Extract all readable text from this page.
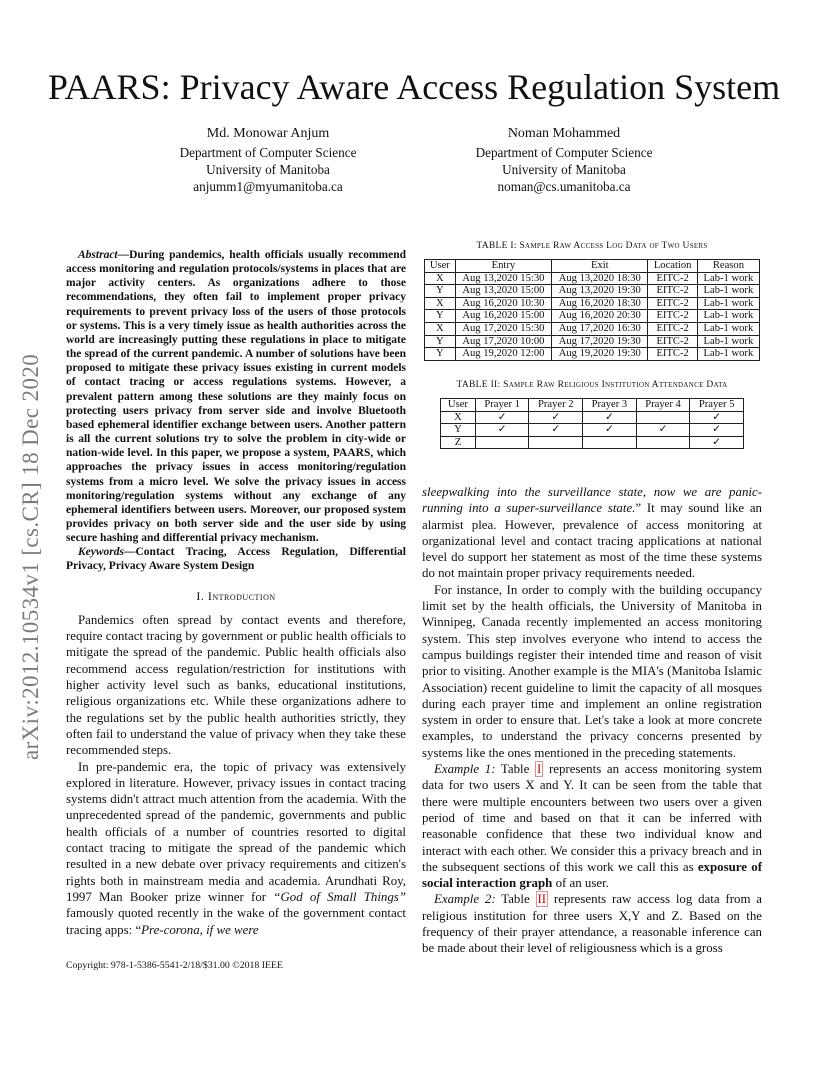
arXiv:2012.10534v1 [cs.CR] 18 Dec 2020
PAARS: Privacy Aware Access Regulation System
Md. Monowar Anjum
Department of Computer Science
University of Manitoba
anjumm1@myumanitoba.ca
Noman Mohammed
Department of Computer Science
University of Manitoba
noman@cs.umanitoba.ca

Abstract—During pandemics, health officials usually recommend access monitoring and regulation protocols/systems in places that are major activity centers. As organizations adhere to those recommendations, they often fail to implement proper privacy requirements to prevent privacy loss of the users of those protocols or systems. This is a very timely issue as health authorities across the world are increasingly putting these regulations in place to mitigate the spread of the current pandemic. A number of solutions have been proposed to mitigate these privacy issues existing in current models of contact tracing or access regulations systems. However, a prevalent pattern among these solutions are they mainly focus on protecting users privacy from server side and involve Bluetooth based ephemeral identifier exchange between users. Another pattern is all the current solutions try to solve the problem in city-wide or nation-wide level. In this paper, we propose a system, PAARS, which approaches the privacy issues in access monitoring/regulation systems from a micro level. We solve the privacy issues in access monitoring/regulation systems without any exchange of any ephemeral identifiers between users. Moreover, our proposed system provides privacy on both server side and the user side by using secure hashing and differential privacy mechanism.

Keywords—Contact Tracing, Access Regulation, Differential Privacy, Privacy Aware System Design

I. Introduction

Pandemics often spread by contact events and therefore, require contact tracing by government or public health officials to mitigate the spread of the pandemic. Public health officials also recommend access regulation/restriction for institutions with higher activity level such as banks, educational institutions, religious organizations etc. While these organizations adhere to the regulations set by the public health authorities strictly, they often fail to understand the value of privacy when they take these recommended steps.

In pre-pandemic era, the topic of privacy was extensively explored in literature. However, privacy issues in contact tracing systems didn't attract much attention from the academia. With the unprecedented spread of the pandemic, governments and public health officials of a number of countries resorted to digital contact tracing to mitigate the spread of the pandemic which resulted in a new debate over privacy requirements and citizen's rights both in mainstream media and academia. Arundhati Roy, 1997 Man Booker prize winner for “God of Small Things” famously quoted recently in the wake of the government contact tracing apps: “Pre-corona, if we were

TABLE I: Sample Raw Access Log Data of Two Users
User	Entry	Exit	Location	Reason
X	Aug 13,2020 15:30	Aug 13,2020 18:30	EITC-2	Lab-1 work
Y	Aug 13,2020 15:00	Aug 13,2020 19:30	EITC-2	Lab-1 work
X	Aug 16,2020 10:30	Aug 16,2020 18:30	EITC-2	Lab-1 work
Y	Aug 16,2020 15:00	Aug 16,2020 20:30	EITC-2	Lab-1 work
X	Aug 17,2020 15:30	Aug 17,2020 16:30	EITC-2	Lab-1 work
Y	Aug 17,2020 10:00	Aug 17,2020 19:30	EITC-2	Lab-1 work
Y	Aug 19,2020 12:00	Aug 19,2020 19:30	EITC-2	Lab-1 work
TABLE II: Sample Raw Religious Institution Attendance Data
User	Prayer 1	Prayer 2	Prayer 3	Prayer 4	Prayer 5
X	✓	✓	✓		✓
Y	✓	✓	✓	✓	✓
Z					✓

sleepwalking into the surveillance state, now we are panic-running into a super-surveillance state.” It may sound like an alarmist plea. However, prevalence of access monitoring at organizational level and contact tracing applications at national level do support her statement as most of the time these systems do not maintain proper privacy requirements needed.

For instance, In order to comply with the building occupancy limit set by the health officials, the University of Manitoba in Winnipeg, Canada recently implemented an access monitoring system. This step involves everyone who intend to access the campus buildings register their intended time and reason of visit prior to visiting. Another example is the MIA's (Manitoba Islamic Association) recent guideline to limit the capacity of all mosques during each prayer time and implement an online registration system in order to ensure that. Let's take a look at more concrete examples, to understand the privacy concerns presented by systems like the ones mentioned in the preceding statements.

Example 1: Table I represents an access monitoring system data for two users X and Y. It can be seen from the table that there were multiple encounters between two users over a given period of time and based on that it can be inferred with reasonable confidence that these two individual know and interact with each other. We consider this a privacy breach and in the subsequent sections of this work we call this as exposure of social interaction graph of an user.

Example 2: Table II represents raw access log data from a religious institution for three users X,Y and Z. Based on the frequency of their prayer attendance, a reasonable inference can be made about their level of religiousness which is a gross

Copyright: 978-1-5386-5541-2/18/$31.00 ©2018 IEEE
